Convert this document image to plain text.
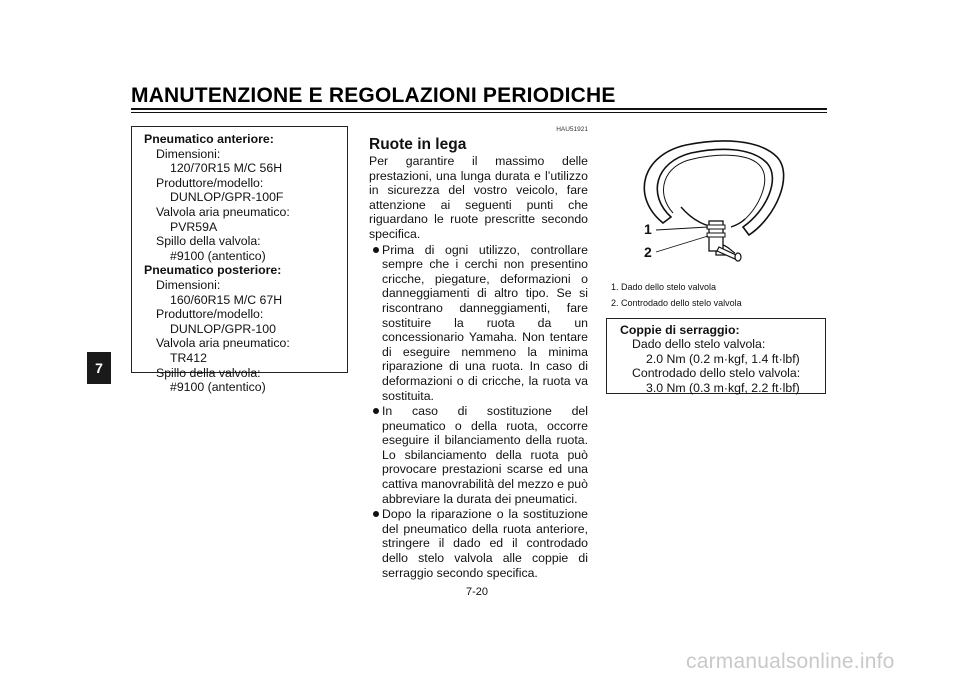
MANUTENZIONE E REGOLAZIONI PERIODICHE
7
Pneumatico anteriore:
Dimensioni:
120/70R15 M/C 56H
Produttore/modello:
DUNLOP/GPR-100F
Valvola aria pneumatico:
PVR59A
Spillo della valvola:
#9100 (antentico)
Pneumatico posteriore:
Dimensioni:
160/60R15 M/C 67H
Produttore/modello:
DUNLOP/GPR-100
Valvola aria pneumatico:
TR412
Spillo della valvola:
#9100 (antentico)
HAU51921
Ruote in lega
Per garantire il massimo delle prestazioni, una lunga durata e l’utilizzo in sicurezza del vostro veicolo, fare attenzione ai seguenti punti che riguardano le ruote prescritte secondo specifica.
Prima di ogni utilizzo, controllare sempre che i cerchi non presentino cricche, piegature, deformazioni o danneggiamenti di altro tipo. Se si riscontrano danneggiamenti, fare sostituire la ruota da un concessionario Yamaha. Non tentare di eseguire nemmeno la minima riparazione di una ruota. In caso di deformazioni o di cricche, la ruota va sostituita.
In caso di sostituzione del pneumatico o della ruota, occorre eseguire il bilanciamento della ruota. Lo sbilanciamento della ruota può provocare prestazioni scarse ed una cattiva manovrabilità del mezzo e può abbreviare la durata dei pneumatici.
Dopo la riparazione o la sostituzione del pneumatico della ruota anteriore, stringere il dado ed il controdado dello stelo valvola alle coppie di serraggio secondo specifica.
1
2
1. Dado dello stelo valvola
2. Controdado dello stelo valvola
Coppie di serraggio:
Dado dello stelo valvola:
2.0 Nm (0.2 m·kgf, 1.4 ft·lbf)
Controdado dello stelo valvola:
3.0 Nm (0.3 m·kgf, 2.2 ft·lbf)
7-20
carmanualsonline.info
